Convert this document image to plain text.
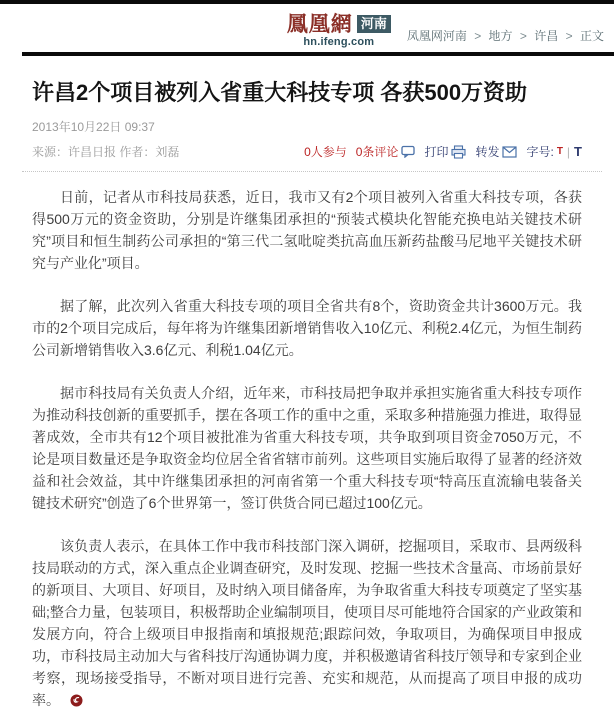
鳳凰網 河南
hn.ifeng.com	凤凰网河南 > 地方 > 许昌 > 正文
许昌2个项目被列入省重大科技专项 各获500万资助
2013年10月22日 09:37
来源：许昌日报 作者：刘磊	0人参与 0条评论 打印 转发 字号: T | T

日前，记者从市科技局获悉，近日，我市又有2个项目被列入省重大科技专项，各获得500万元的资金资助，分别是许继集团承担的“预装式模块化智能充换电站关键技术研究”项目和恒生制药公司承担的“第三代二氢吡啶类抗高血压新药盐酸马尼地平关键技术研究与产业化”项目。

据了解，此次列入省重大科技专项的项目全省共有8个，资助资金共计3600万元。我市的2个项目完成后，每年将为许继集团新增销售收入10亿元、利税2.4亿元，为恒生制药公司新增销售收入3.6亿元、利税1.04亿元。

据市科技局有关负责人介绍，近年来，市科技局把争取并承担实施省重大科技专项作为推动科技创新的重要抓手，摆在各项工作的重中之重，采取多种措施强力推进，取得显著成效，全市共有12个项目被批准为省重大科技专项，共争取到项目资金7050万元，不论是项目数量还是争取资金均位居全省省辖市前列。这些项目实施后取得了显著的经济效益和社会效益，其中许继集团承担的河南省第一个重大科技专项“特高压直流输电装备关键技术研究”创造了6个世界第一，签订供货合同已超过100亿元。

该负责人表示，在具体工作中我市科技部门深入调研，挖掘项目，采取市、县两级科技局联动的方式，深入重点企业调查研究，及时发现、挖掘一些技术含量高、市场前景好的新项目、大项目、好项目，及时纳入项目储备库，为争取省重大科技专项奠定了坚实基础;整合力量，包装项目，积极帮助企业编制项目，使项目尽可能地符合国家的产业政策和发展方向，符合上级项目申报指南和填报规范;跟踪问效，争取项目，为确保项目申报成功，市科技局主动加大与省科技厅沟通协调力度，并积极邀请省科技厅领导和专家到企业考察，现场接受指导，不断对项目进行完善、充实和规范，从而提高了项目申报的成功率。
